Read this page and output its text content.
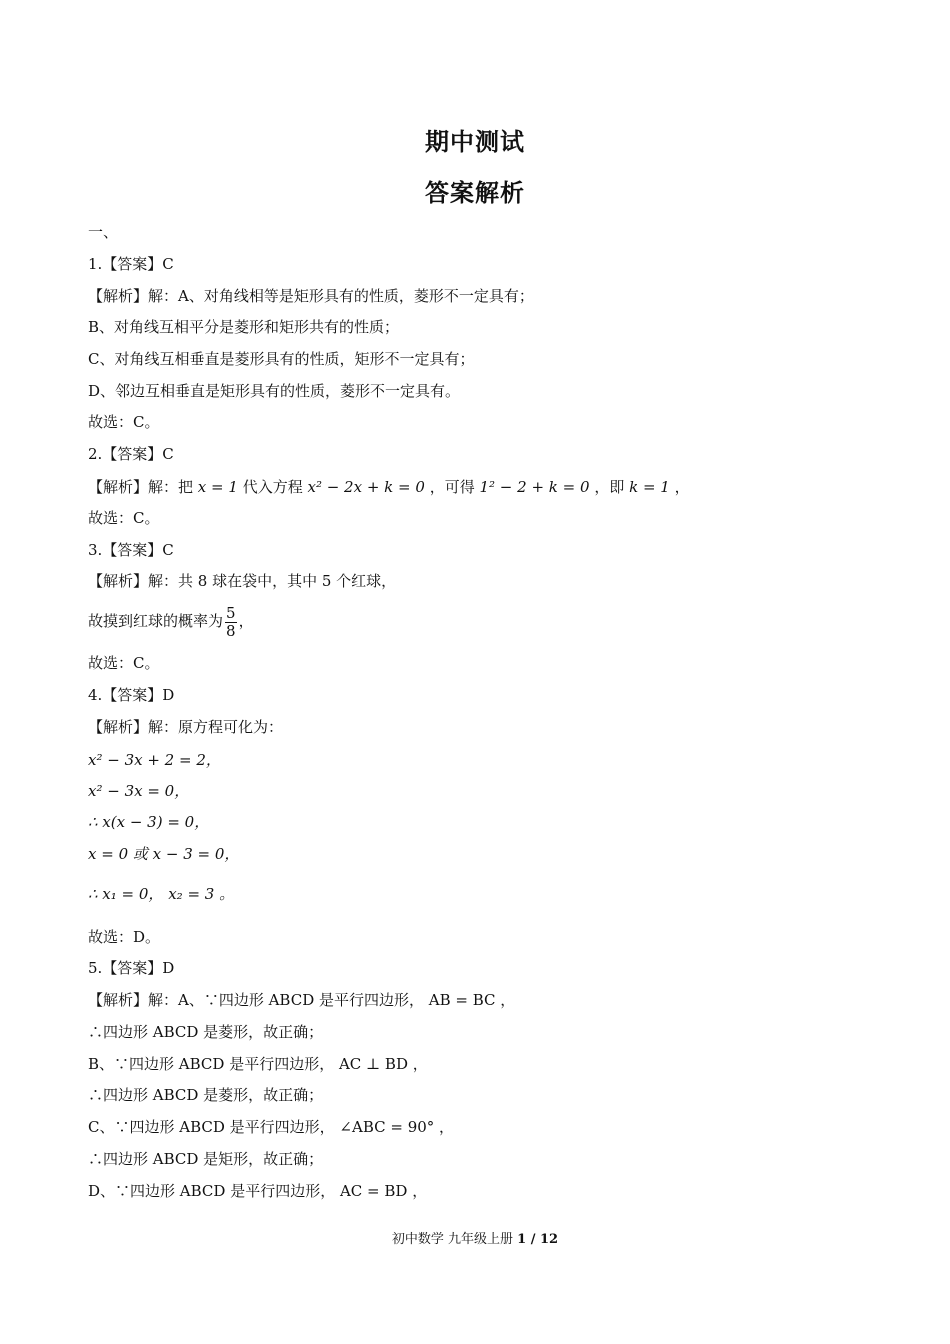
期中测试
答案解析
一、
1.【答案】C
【解析】解：A、对角线相等是矩形具有的性质，菱形不一定具有；
B、对角线互相平分是菱形和矩形共有的性质；
C、对角线互相垂直是菱形具有的性质，矩形不一定具有；
D、邻边互相垂直是矩形具有的性质，菱形不一定具有。
故选：C。
2.【答案】C
【解析】解：把 x = 1 代入方程 x² − 2x + k = 0 ，可得 1² − 2 + k = 0 ，即 k = 1 ，
故选：C。
3.【答案】C
【解析】解：共 8 球在袋中，其中 5 个红球，
故摸到红球的概率为 $\frac{5}{8}$ ，
故选：C。
4.【答案】D
【解析】解：原方程可化为：
x² − 3x + 2 = 2，
x² − 3x = 0，
∴ x(x − 3) = 0，
x = 0 或 x − 3 = 0，
∴ x₁ = 0， x₂ = 3 。
故选：D。
5.【答案】D
【解析】解：A、∵四边形 ABCD 是平行四边形， AB = BC ，
∴四边形 ABCD 是菱形，故正确；
B、∵四边形 ABCD 是平行四边形， AC ⊥ BD ，
∴四边形 ABCD 是菱形，故正确；
C、∵四边形 ABCD 是平行四边形， ∠ABC = 90° ，
∴四边形 ABCD 是矩形，故正确；
D、∵四边形 ABCD 是平行四边形， AC = BD ，
初中数学 九年级上册 1 / 12
